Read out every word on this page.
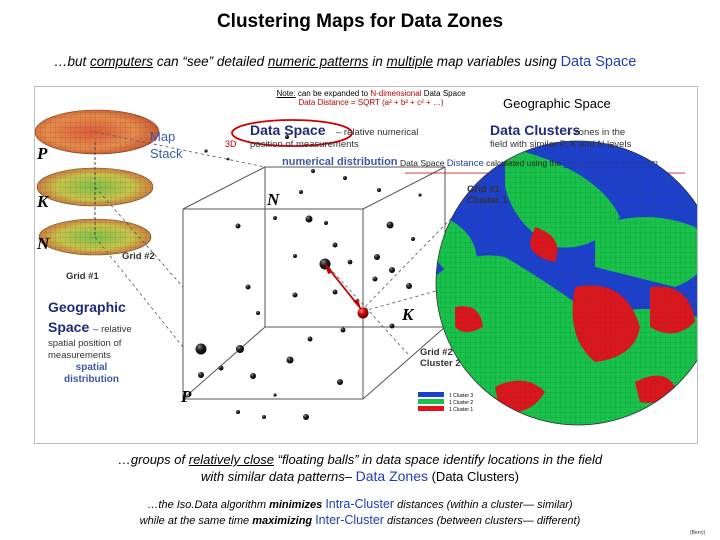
Clustering Maps for Data Zones
…but computers can “see” detailed numeric patterns in multiple map variables using Data Space
N
K
P
P
K
N
1 Cluster 3
1 Cluster 2
1 Cluster 1
Note: can be expanded to N-dimensional Data Space
Data Distance = SQRT (a² + b² + c² + …)	Geographic Space
Map
Stack
Data Space – relative numerical
position of measurements
numerical distribution
3D
Data Clusters
– zones in the
field with similar P, K and N levels
Data Space Distance calculated using the Pythagorean Theorem
Grid #1
Cluster 1
Grid #2
Cluster 2
Grid #2
Grid #1
Geographic
Space – relative
spatial position of
measurements
spatial
distribution
…groups of relatively close “floating balls” in data space identify locations in the field
with similar data patterns– Data Zones (Data Clusters)
…the Iso.Data algorithm minimizes Intra-Cluster distances (within a cluster— similar)
while at the same time maximizing Inter-Cluster distances (between clusters— different)
(Berry)
